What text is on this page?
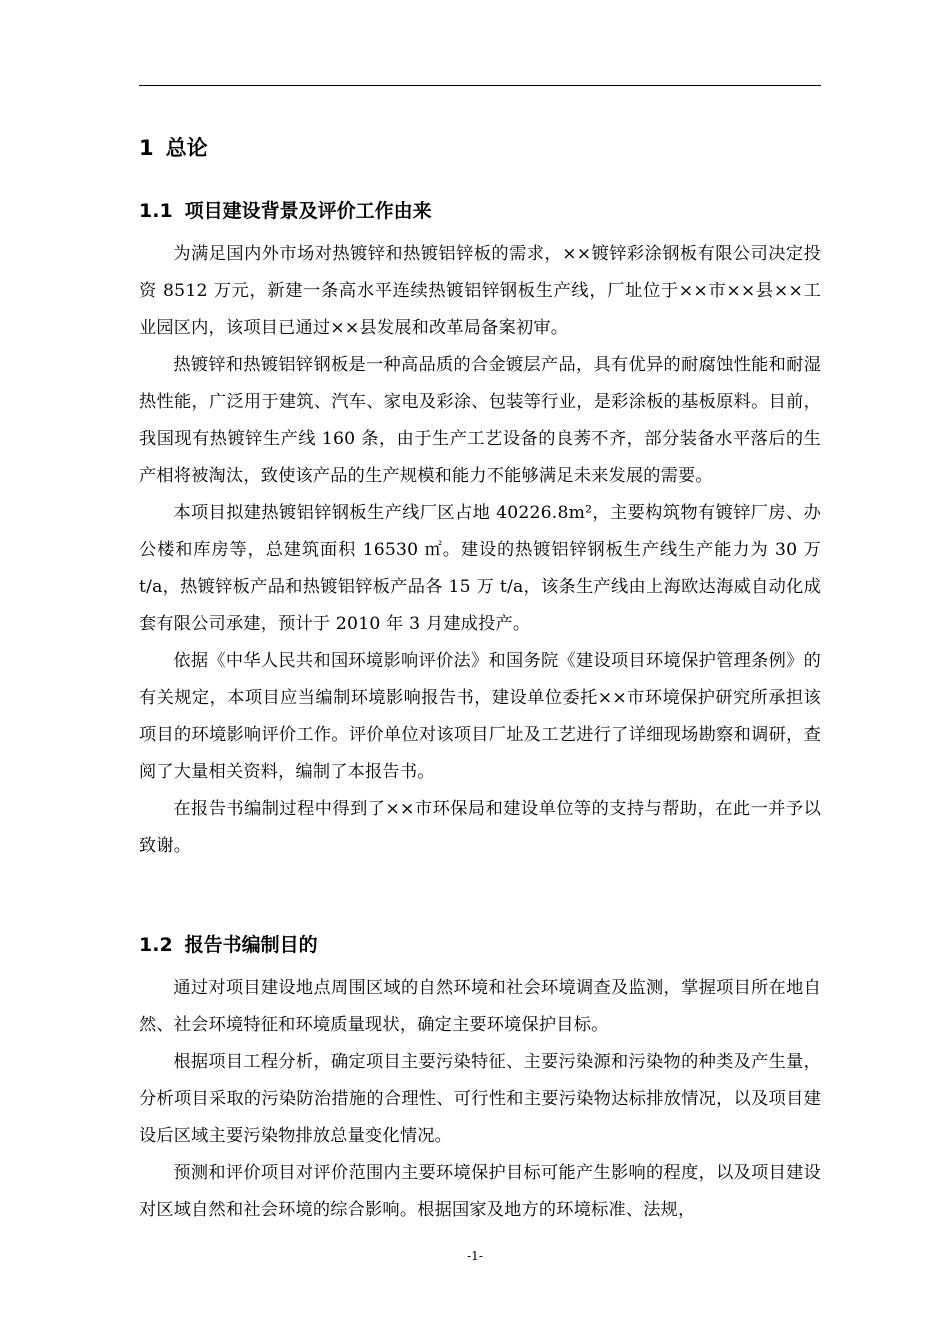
1 总论
1.1 项目建设背景及评价工作由来

为满足国内外市场对热镀锌和热镀铝锌板的需求，××镀锌彩涂钢板有限公司决定投资 8512 万元，新建一条高水平连续热镀铝锌钢板生产线，厂址位于××市××县××工业园区内，该项目已通过××县发展和改革局备案初审。

热镀锌和热镀铝锌钢板是一种高品质的合金镀层产品，具有优异的耐腐蚀性能和耐湿热性能，广泛用于建筑、汽车、家电及彩涂、包装等行业，是彩涂板的基板原料。目前，我国现有热镀锌生产线 160 条，由于生产工艺设备的良莠不齐，部分装备水平落后的生产相将被淘汰，致使该产品的生产规模和能力不能够满足未来发展的需要。

本项目拟建热镀铝锌钢板生产线厂区占地 40226.8m²，主要构筑物有镀锌厂房、办公楼和库房等，总建筑面积 16530 ㎡。建设的热镀铝锌钢板生产线生产能力为 30 万 t/a，热镀锌板产品和热镀铝锌板产品各 15 万 t/a，该条生产线由上海欧达海威自动化成套有限公司承建，预计于 2010 年 3 月建成投产。

依据《中华人民共和国环境影响评价法》和国务院《建设项目环境保护管理条例》的有关规定，本项目应当编制环境影响报告书，建设单位委托××市环境保护研究所承担该项目的环境影响评价工作。评价单位对该项目厂址及工艺进行了详细现场勘察和调研，查阅了大量相关资料，编制了本报告书。

在报告书编制过程中得到了××市环保局和建设单位等的支持与帮助，在此一并予以致谢。

1.2 报告书编制目的

通过对项目建设地点周围区域的自然环境和社会环境调查及监测，掌握项目所在地自然、社会环境特征和环境质量现状，确定主要环境保护目标。

根据项目工程分析，确定项目主要污染特征、主要污染源和污染物的种类及产生量，分析项目采取的污染防治措施的合理性、可行性和主要污染物达标排放情况，以及项目建设后区域主要污染物排放总量变化情况。

预测和评价项目对评价范围内主要环境保护目标可能产生影响的程度，以及项目建设对区域自然和社会环境的综合影响。根据国家及地方的环境标准、法规，

-1-
